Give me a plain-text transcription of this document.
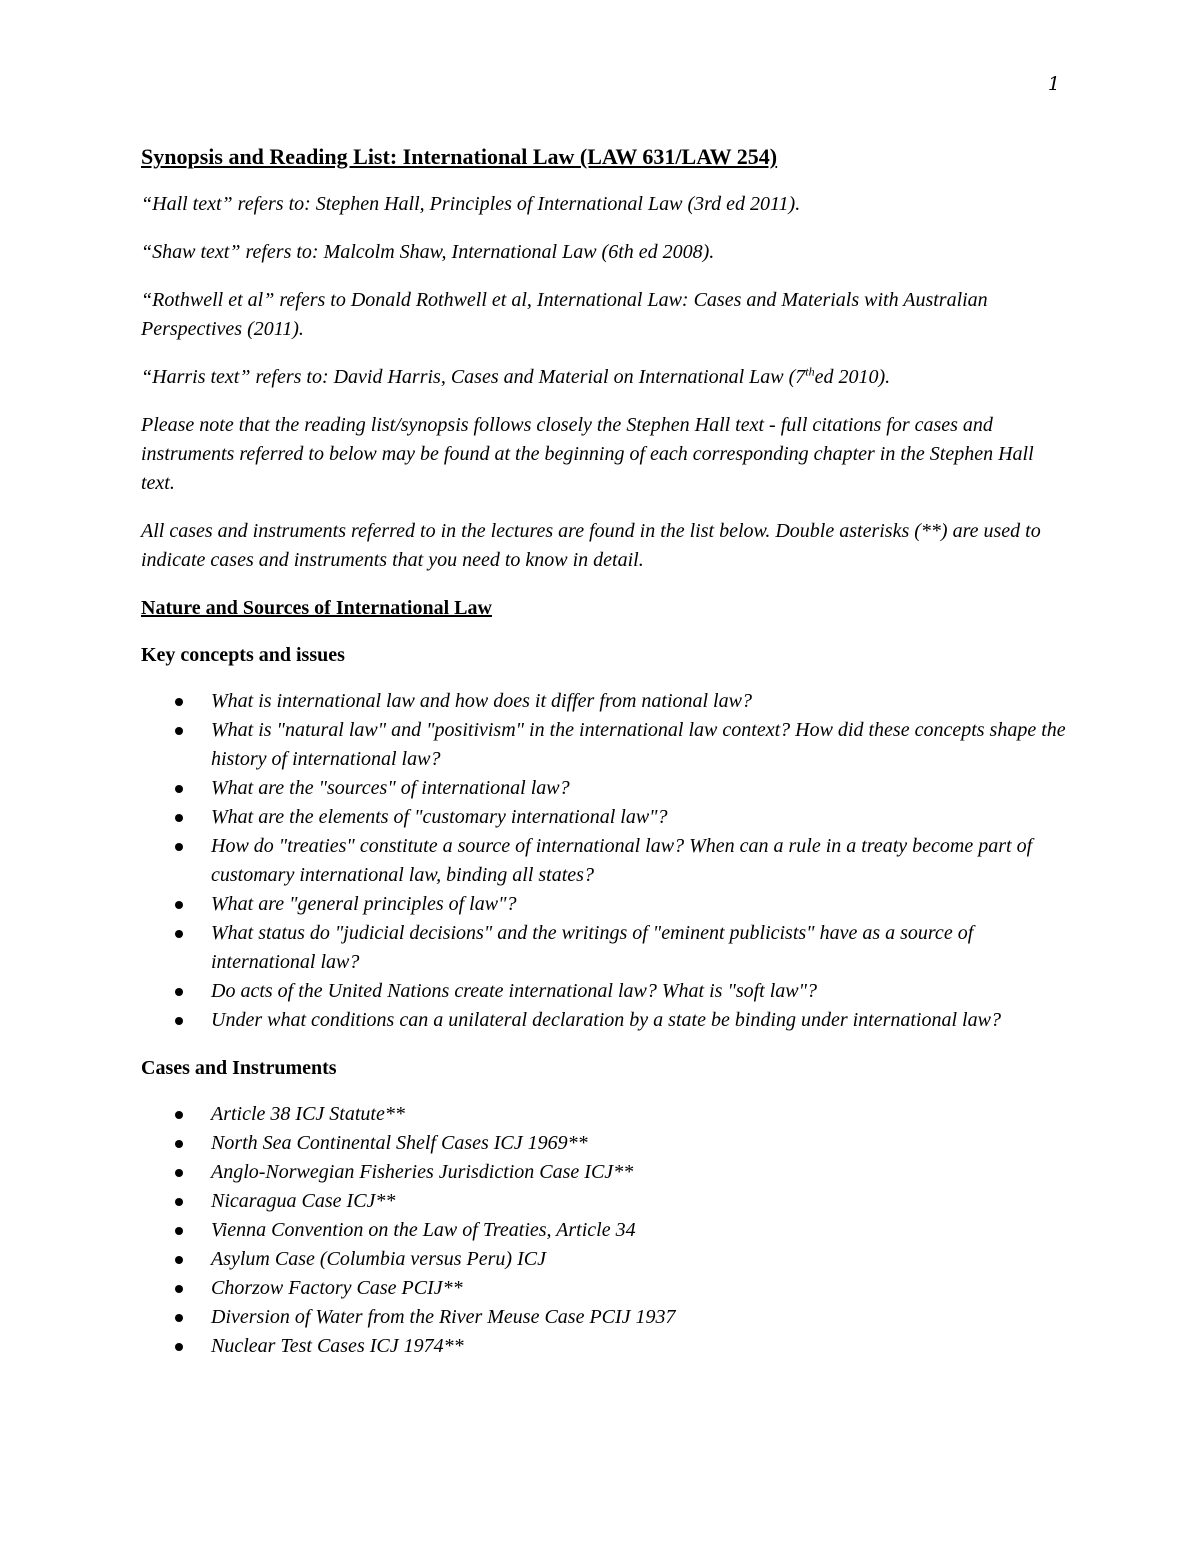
1
Synopsis and Reading List: International Law (LAW 631/LAW 254)

“Hall text” refers to: Stephen Hall, Principles of International Law (3rd ed 2011).

“Shaw text” refers to: Malcolm Shaw, International Law (6th ed 2008).

“Rothwell et al” refers to Donald Rothwell et al, International Law: Cases and Materials with Australian Perspectives (2011).

“Harris text” refers to: David Harris, Cases and Material on International Law (7thed 2010).

Please note that the reading list/synopsis follows closely the Stephen Hall text - full citations for cases and instruments referred to below may be found at the beginning of each corresponding chapter in the Stephen Hall text.

All cases and instruments referred to in the lectures are found in the list below. Double asterisks (**) are used to indicate cases and instruments that you need to know in detail.

Nature and Sources of International Law
Key concepts and issues
What is international law and how does it differ from national law?
What is "natural law" and "positivism" in the international law context? How did these concepts shape the history of international law?
What are the "sources" of international law?
What are the elements of "customary international law"?
How do "treaties" constitute a source of international law? When can a rule in a treaty become part of customary international law, binding all states?
What are "general principles of law"?
What status do "judicial decisions" and the writings of "eminent publicists" have as a source of international law?
Do acts of the United Nations create international law? What is "soft law"?
Under what conditions can a unilateral declaration by a state be binding under international law?
Cases and Instruments
Article 38 ICJ Statute**
North Sea Continental Shelf Cases ICJ 1969**
Anglo-Norwegian Fisheries Jurisdiction Case ICJ**
Nicaragua Case ICJ**
Vienna Convention on the Law of Treaties, Article 34
Asylum Case (Columbia versus Peru) ICJ
Chorzow Factory Case PCIJ**
Diversion of Water from the River Meuse Case PCIJ 1937
Nuclear Test Cases ICJ 1974**
